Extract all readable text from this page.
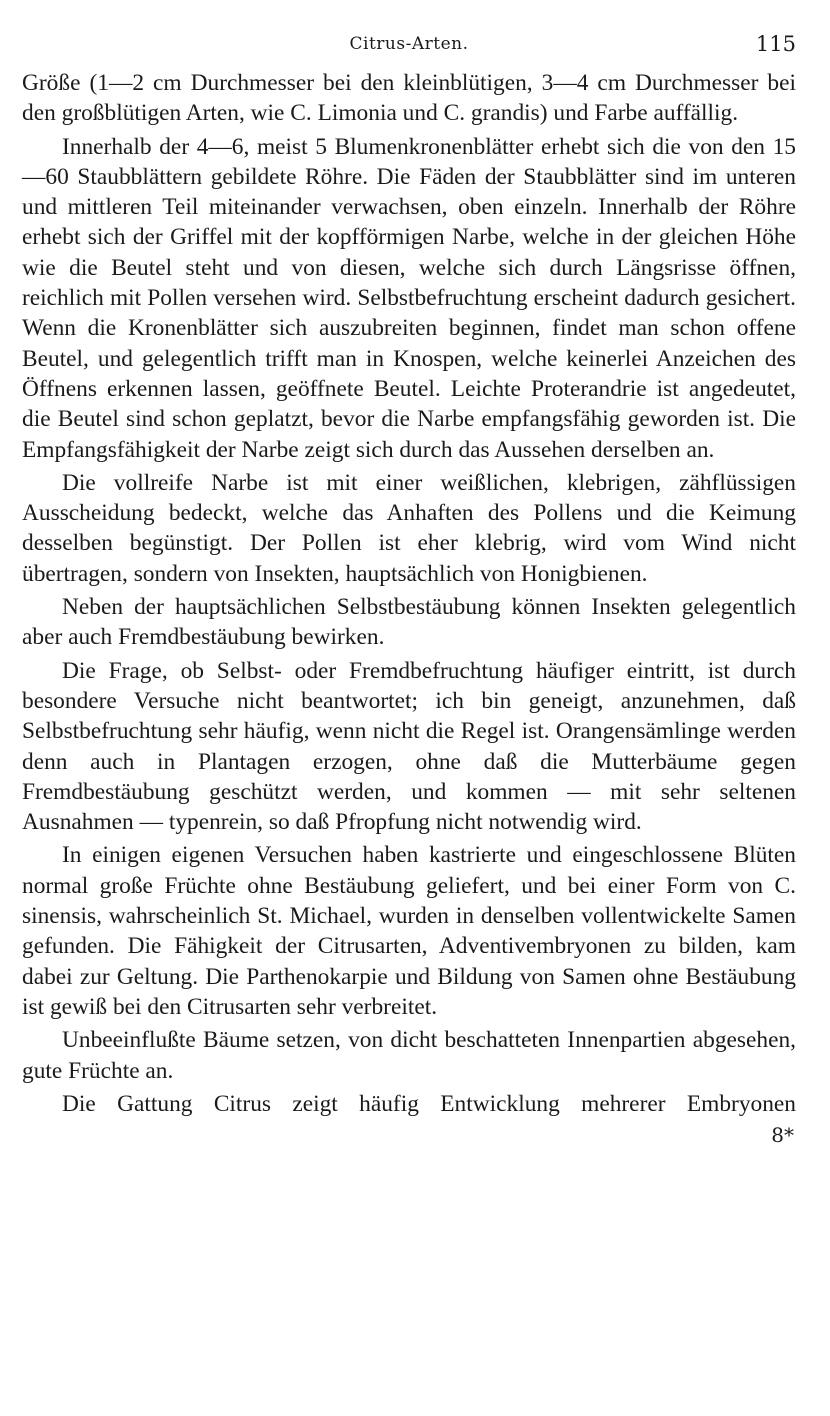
Citrus-Arten.	115

Größe (1—2 cm Durchmesser bei den kleinblütigen, 3—4 cm Durchmesser bei den großblütigen Arten, wie C. Limonia und C. grandis) und Farbe auffällig.

Innerhalb der 4—6, meist 5 Blumenkronenblätter erhebt sich die von den 15—60 Staubblättern gebildete Röhre. Die Fäden der Staubblätter sind im unteren und mittleren Teil miteinander verwachsen, oben einzeln. Innerhalb der Röhre erhebt sich der Griffel mit der kopfförmigen Narbe, welche in der gleichen Höhe wie die Beutel steht und von diesen, welche sich durch Längsrisse öffnen, reichlich mit Pollen versehen wird. Selbstbefruchtung erscheint dadurch gesichert. Wenn die Kronenblätter sich auszubreiten beginnen, findet man schon offene Beutel, und gelegentlich trifft man in Knospen, welche keinerlei Anzeichen des Öffnens erkennen lassen, geöffnete Beutel. Leichte Proterandrie ist angedeutet, die Beutel sind schon geplatzt, bevor die Narbe empfangsfähig geworden ist. Die Empfangsfähigkeit der Narbe zeigt sich durch das Aussehen derselben an.

Die vollreife Narbe ist mit einer weißlichen, klebrigen, zähflüssigen Ausscheidung bedeckt, welche das Anhaften des Pollens und die Keimung desselben begünstigt. Der Pollen ist eher klebrig, wird vom Wind nicht übertragen, sondern von Insekten, hauptsächlich von Honigbienen.

Neben der hauptsächlichen Selbstbestäubung können Insekten gelegentlich aber auch Fremdbestäubung bewirken.

Die Frage, ob Selbst- oder Fremdbefruchtung häufiger eintritt, ist durch besondere Versuche nicht beantwortet; ich bin geneigt, anzunehmen, daß Selbstbefruchtung sehr häufig, wenn nicht die Regel ist. Orangensämlinge werden denn auch in Plantagen erzogen, ohne daß die Mutterbäume gegen Fremdbestäubung geschützt werden, und kommen — mit sehr seltenen Ausnahmen — typenrein, so daß Pfropfung nicht notwendig wird.

In einigen eigenen Versuchen haben kastrierte und eingeschlossene Blüten normal große Früchte ohne Bestäubung geliefert, und bei einer Form von C. sinensis, wahrscheinlich St. Michael, wurden in denselben vollentwickelte Samen gefunden. Die Fähigkeit der Citrusarten, Adventivembryonen zu bilden, kam dabei zur Geltung. Die Parthenokarpie und Bildung von Samen ohne Bestäubung ist gewiß bei den Citrusarten sehr verbreitet.

Unbeeinflußte Bäume setzen, von dicht beschatteten Innenpartien abgesehen, gute Früchte an.

Die Gattung Citrus zeigt häufig Entwicklung mehrerer Embryonen

8*
